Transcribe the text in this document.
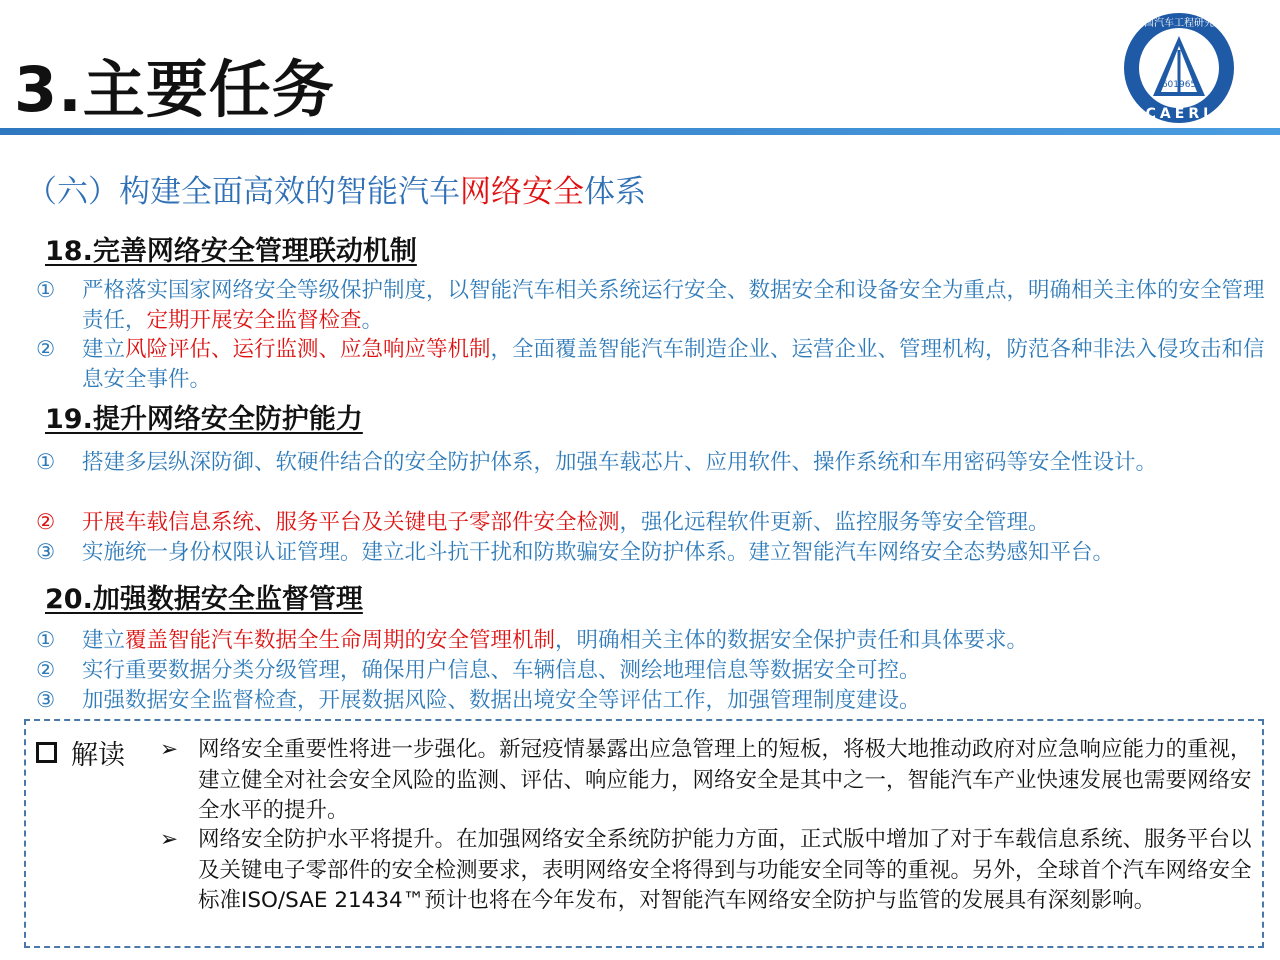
3.主要任务	601965
中国汽车工程研究院
CAERI
（六）构建全面高效的智能汽车网络安全体系
18.完善网络安全管理联动机制
① 严格落实国家网络安全等级保护制度，以智能汽车相关系统运行安全、数据安全和设备安全为重点，明确相关主体的安全管理责任，定期开展安全监督检查。
② 建立风险评估、运行监测、应急响应等机制，全面覆盖智能汽车制造企业、运营企业、管理机构，防范各种非法入侵攻击和信息安全事件。
19.提升网络安全防护能力
① 搭建多层纵深防御、软硬件结合的安全防护体系，加强车载芯片、应用软件、操作系统和车用密码等安全性设计。
② 开展车载信息系统、服务平台及关键电子零部件安全检测，强化远程软件更新、监控服务等安全管理。
③ 实施统一身份权限认证管理。建立北斗抗干扰和防欺骗安全防护体系。建立智能汽车网络安全态势感知平台。
20.加强数据安全监督管理
① 建立覆盖智能汽车数据全生命周期的安全管理机制，明确相关主体的数据安全保护责任和具体要求。
② 实行重要数据分类分级管理，确保用户信息、车辆信息、测绘地理信息等数据安全可控。
③ 加强数据安全监督检查，开展数据风险、数据出境安全等评估工作，加强管理制度建设。
解读 ➢ 网络安全重要性将进一步强化。新冠疫情暴露出应急管理上的短板，将极大地推动政府对应急响应能力的重视，建立健全对社会安全风险的监测、评估、响应能力，网络安全是其中之一，智能汽车产业快速发展也需要网络安全水平的提升。
➢ 网络安全防护水平将提升。在加强网络安全系统防护能力方面，正式版中增加了对于车载信息系统、服务平台以及关键电子零部件的安全检测要求，表明网络安全将得到与功能安全同等的重视。另外，全球首个汽车网络安全标准ISO/SAE 21434™预计也将在今年发布，对智能汽车网络安全防护与监管的发展具有深刻影响。
